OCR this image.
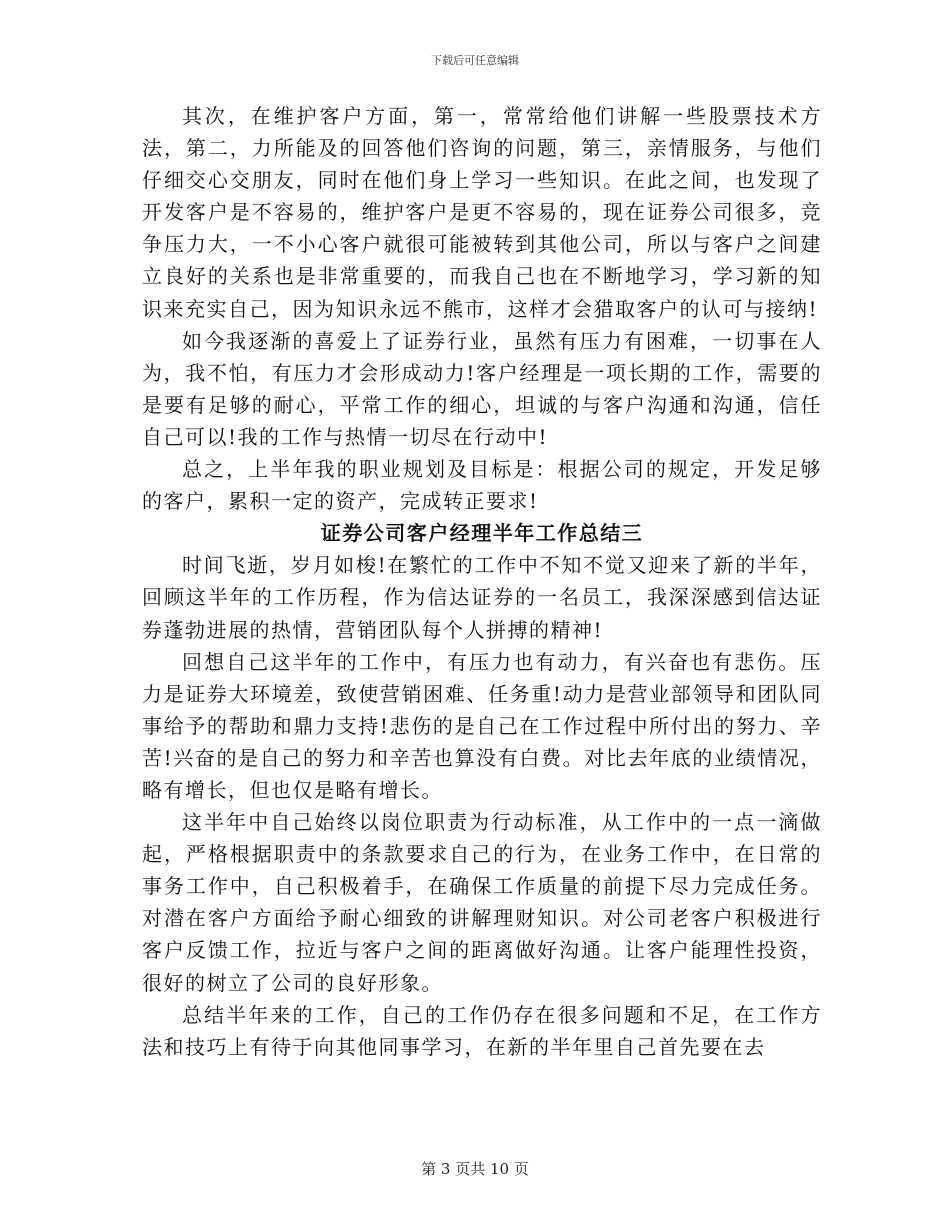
下载后可任意编辑

其次，在维护客户方面，第一，常常给他们讲解一些股票技术方法，第二，力所能及的回答他们咨询的问题，第三，亲情服务，与他们仔细交心交朋友，同时在他们身上学习一些知识。在此之间，也发现了开发客户是不容易的，维护客户是更不容易的，现在证券公司很多，竞争压力大，一不小心客户就很可能被转到其他公司，所以与客户之间建立良好的关系也是非常重要的，而我自己也在不断地学习，学习新的知识来充实自己，因为知识永远不熊市，这样才会猎取客户的认可与接纳!

如今我逐渐的喜爱上了证券行业，虽然有压力有困难，一切事在人为，我不怕，有压力才会形成动力!客户经理是一项长期的工作，需要的是要有足够的耐心，平常工作的细心，坦诚的与客户沟通和沟通，信任自己可以!我的工作与热情一切尽在行动中!

总之，上半年我的职业规划及目标是：根据公司的规定，开发足够的客户，累积一定的资产，完成转正要求!

证券公司客户经理半年工作总结三

时间飞逝，岁月如梭!在繁忙的工作中不知不觉又迎来了新的半年，回顾这半年的工作历程，作为信达证券的一名员工，我深深感到信达证券蓬勃进展的热情，营销团队每个人拼搏的精神!

回想自己这半年的工作中，有压力也有动力，有兴奋也有悲伤。压力是证券大环境差，致使营销困难、任务重!动力是营业部领导和团队同事给予的帮助和鼎力支持!悲伤的是自己在工作过程中所付出的努力、辛苦!兴奋的是自己的努力和辛苦也算没有白费。对比去年底的业绩情况，略有增长，但也仅是略有增长。

这半年中自己始终以岗位职责为行动标准，从工作中的一点一滴做起，严格根据职责中的条款要求自己的行为，在业务工作中，在日常的事务工作中，自己积极着手，在确保工作质量的前提下尽力完成任务。对潜在客户方面给予耐心细致的讲解理财知识。对公司老客户积极进行客户反馈工作，拉近与客户之间的距离做好沟通。让客户能理性投资，很好的树立了公司的良好形象。

总结半年来的工作，自己的工作仍存在很多问题和不足，在工作方法和技巧上有待于向其他同事学习，在新的半年里自己首先要在去

第 3 页共 10 页
